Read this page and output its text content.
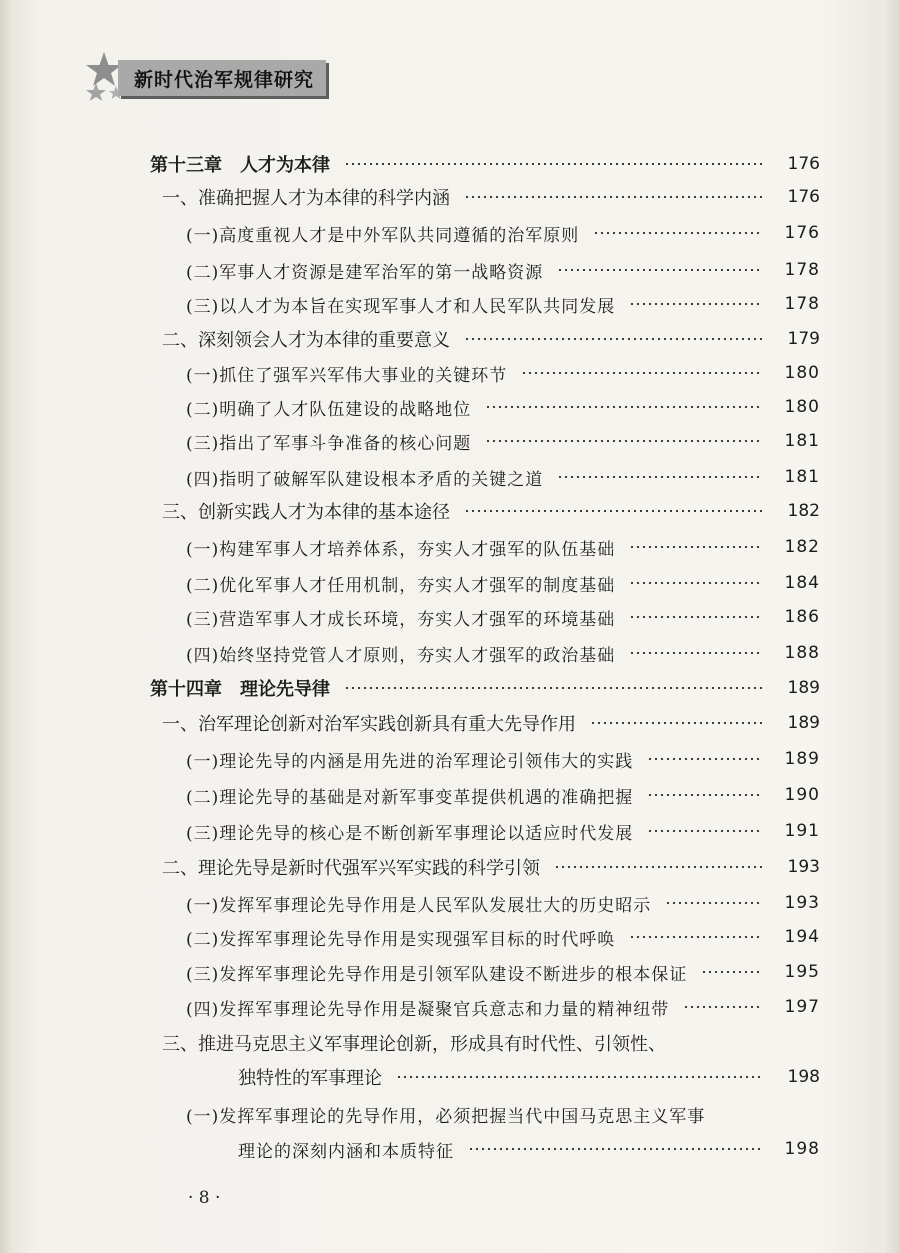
新时代治军规律研究
第十三章　人才为本律	176
一、准确把握人才为本律的科学内涵	176
(一)高度重视人才是中外军队共同遵循的治军原则	176
(二)军事人才资源是建军治军的第一战略资源	178
(三)以人才为本旨在实现军事人才和人民军队共同发展	178
二、深刻领会人才为本律的重要意义	179
(一)抓住了强军兴军伟大事业的关键环节	180
(二)明确了人才队伍建设的战略地位	180
(三)指出了军事斗争准备的核心问题	181
(四)指明了破解军队建设根本矛盾的关键之道	181
三、创新实践人才为本律的基本途径	182
(一)构建军事人才培养体系，夯实人才强军的队伍基础	182
(二)优化军事人才任用机制，夯实人才强军的制度基础	184
(三)营造军事人才成长环境，夯实人才强军的环境基础	186
(四)始终坚持党管人才原则，夯实人才强军的政治基础	188
第十四章　理论先导律	189
一、治军理论创新对治军实践创新具有重大先导作用	189
(一)理论先导的内涵是用先进的治军理论引领伟大的实践	189
(二)理论先导的基础是对新军事变革提供机遇的准确把握	190
(三)理论先导的核心是不断创新军事理论以适应时代发展	191
二、理论先导是新时代强军兴军实践的科学引领	193
(一)发挥军事理论先导作用是人民军队发展壮大的历史昭示	193
(二)发挥军事理论先导作用是实现强军目标的时代呼唤	194
(三)发挥军事理论先导作用是引领军队建设不断进步的根本保证	195
(四)发挥军事理论先导作用是凝聚官兵意志和力量的精神纽带	197
三、推进马克思主义军事理论创新，形成具有时代性、引领性、
独特性的军事理论	198
(一)发挥军事理论的先导作用，必须把握当代中国马克思主义军事
理论的深刻内涵和本质特征	198
· 8 ·
